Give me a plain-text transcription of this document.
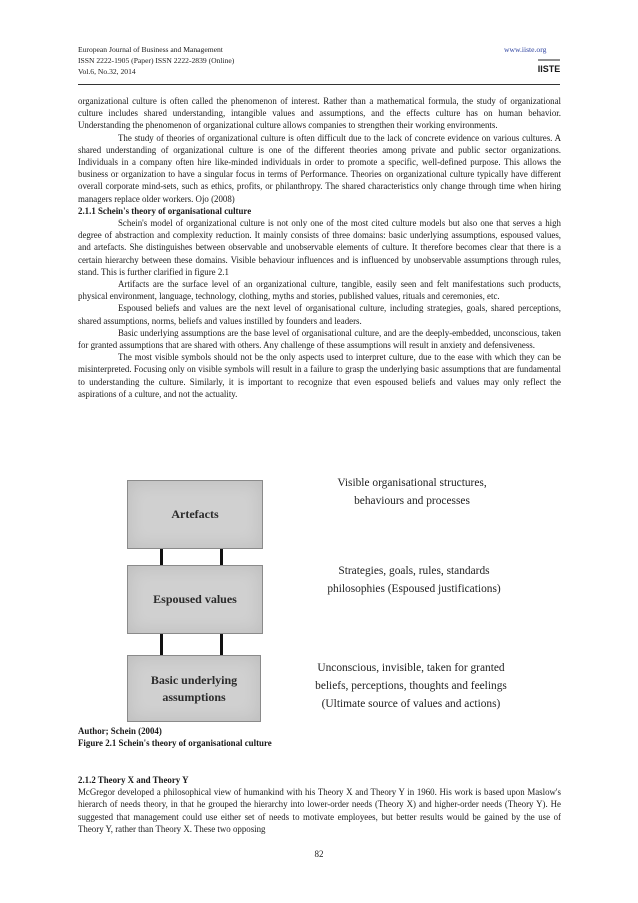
European Journal of Business and Management
ISSN 2222-1905 (Paper) ISSN 2222-2839 (Online)
Vol.6, No.32, 2014
www.iiste.org
IISTE

organizational culture is often called the phenomenon of interest. Rather than a mathematical formula, the study of organizational culture includes shared understanding, intangible values and assumptions, and the effects culture has on human behavior. Understanding the phenomenon of organizational culture allows companies to strengthen their working environments.

The study of theories of organizational culture is often difficult due to the lack of concrete evidence on various cultures. A shared understanding of organizational culture is one of the different theories among private and public sector organizations. Individuals in a company often hire like-minded individuals in order to promote a specific, well-defined purpose. This allows the business or organization to have a singular focus in terms of Performance. Theories on organizational culture typically have different overall corporate mind-sets, such as ethics, profits, or philanthropy. The shared characteristics only change through time when hiring managers replace older workers. Ojo (2008)

2.1.1 Schein's theory of organisational culture

Schein's model of organizational culture is not only one of the most cited culture models but also one that serves a high degree of abstraction and complexity reduction. It mainly consists of three domains: basic underlying assumptions, espoused values, and artefacts. She distinguishes between observable and unobservable elements of culture. It therefore becomes clear that there is a certain hierarchy between these domains. Visible behaviour influences and is influenced by unobservable assumptions through rules, stand. This is further clarified in figure 2.1

Artifacts are the surface level of an organizational culture, tangible, easily seen and felt manifestations such products, physical environment, language, technology, clothing, myths and stories, published values, rituals and ceremonies, etc.

Espoused beliefs and values are the next level of organisational culture, including strategies, goals, shared perceptions, shared assumptions, norms, beliefs and values instilled by founders and leaders.

Basic underlying assumptions are the base level of organisational culture, and are the deeply-embedded, unconscious, taken for granted assumptions that are shared with others. Any challenge of these assumptions will result in anxiety and defensiveness.

The most visible symbols should not be the only aspects used to interpret culture, due to the ease with which they can be misinterpreted. Focusing only on visible symbols will result in a failure to grasp the underlying basic assumptions that are fundamental to understanding the culture. Similarly, it is important to recognize that even espoused beliefs and values may only reflect the aspirations of a culture, and not the actuality.

Artefacts
Espoused values
Basic underlying assumptions
Visible organisational structures, behaviours and processes
Strategies, goals, rules, standards philosophies (Espoused justifications)
Unconscious, invisible, taken for granted beliefs, perceptions, thoughts and feelings (Ultimate source of values and actions)
Author; Schein (2004)
Figure 2.1 Schein's theory of organisational culture

2.1.2 Theory X and Theory Y

McGregor developed a philosophical view of humankind with his Theory X and Theory Y in 1960. His work is based upon Maslow's hierarch of needs theory, in that he grouped the hierarchy into lower-order needs (Theory X) and higher-order needs (Theory Y). He suggested that management could use either set of needs to motivate employees, but better results would be gained by the use of Theory Y, rather than Theory X. These two opposing

82
